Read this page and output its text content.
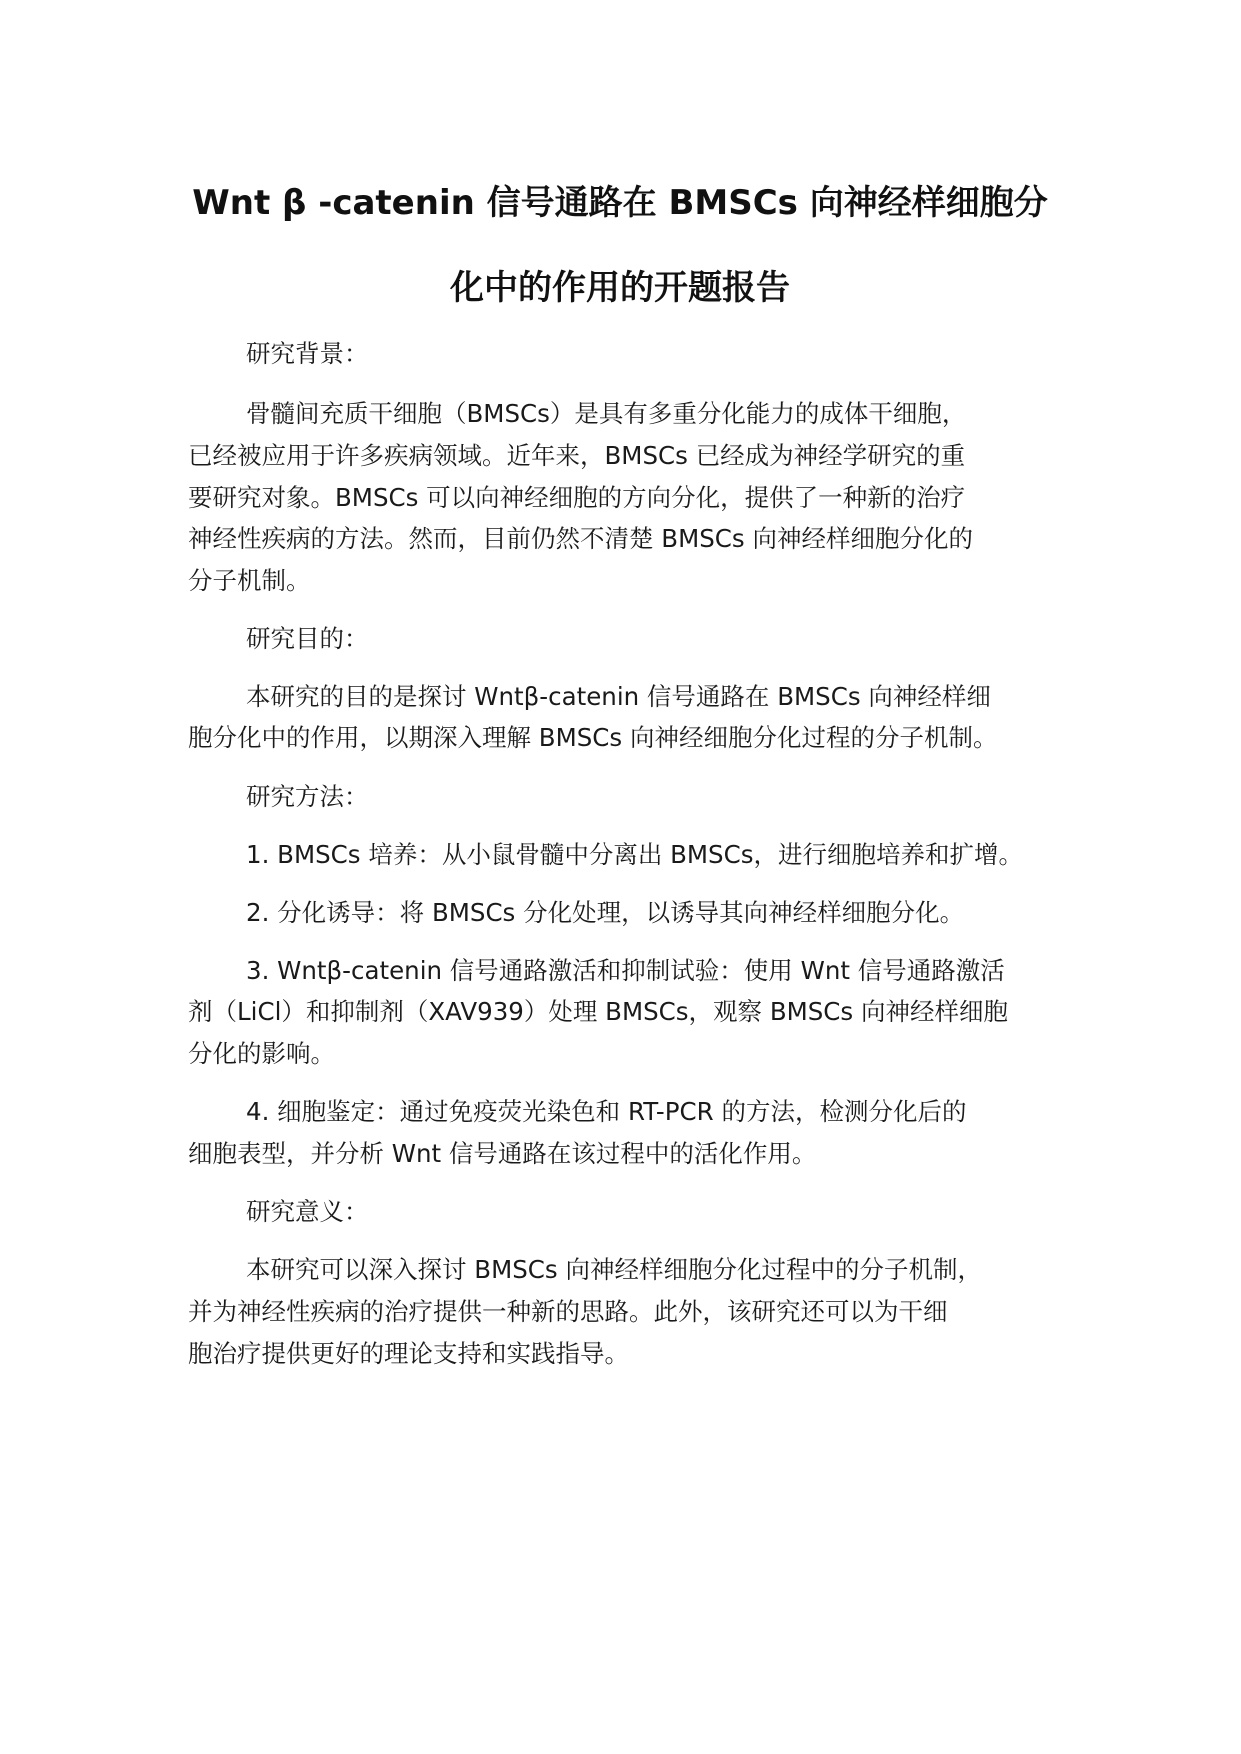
Wnt β -catenin 信号通路在 BMSCs 向神经样细胞分
化中的作用的开题报告

研究背景：

骨髓间充质干细胞（BMSCs）是具有多重分化能力的成体干细胞，

已经被应用于许多疾病领域。近年来，BMSCs 已经成为神经学研究的重

要研究对象。BMSCs 可以向神经细胞的方向分化，提供了一种新的治疗

神经性疾病的方法。然而，目前仍然不清楚 BMSCs 向神经样细胞分化的

分子机制。

研究目的：

本研究的目的是探讨 Wntβ-catenin 信号通路在 BMSCs 向神经样细

胞分化中的作用，以期深入理解 BMSCs 向神经细胞分化过程的分子机制。

研究方法：

1. BMSCs 培养：从小鼠骨髓中分离出 BMSCs，进行细胞培养和扩增。

2. 分化诱导：将 BMSCs 分化处理，以诱导其向神经样细胞分化。

3. Wntβ-catenin 信号通路激活和抑制试验：使用 Wnt 信号通路激活

剂（LiCl）和抑制剂（XAV939）处理 BMSCs，观察 BMSCs 向神经样细胞

分化的影响。

4. 细胞鉴定：通过免疫荧光染色和 RT-PCR 的方法，检测分化后的

细胞表型，并分析 Wnt 信号通路在该过程中的活化作用。

研究意义：

本研究可以深入探讨 BMSCs 向神经样细胞分化过程中的分子机制，

并为神经性疾病的治疗提供一种新的思路。此外，该研究还可以为干细

胞治疗提供更好的理论支持和实践指导。
